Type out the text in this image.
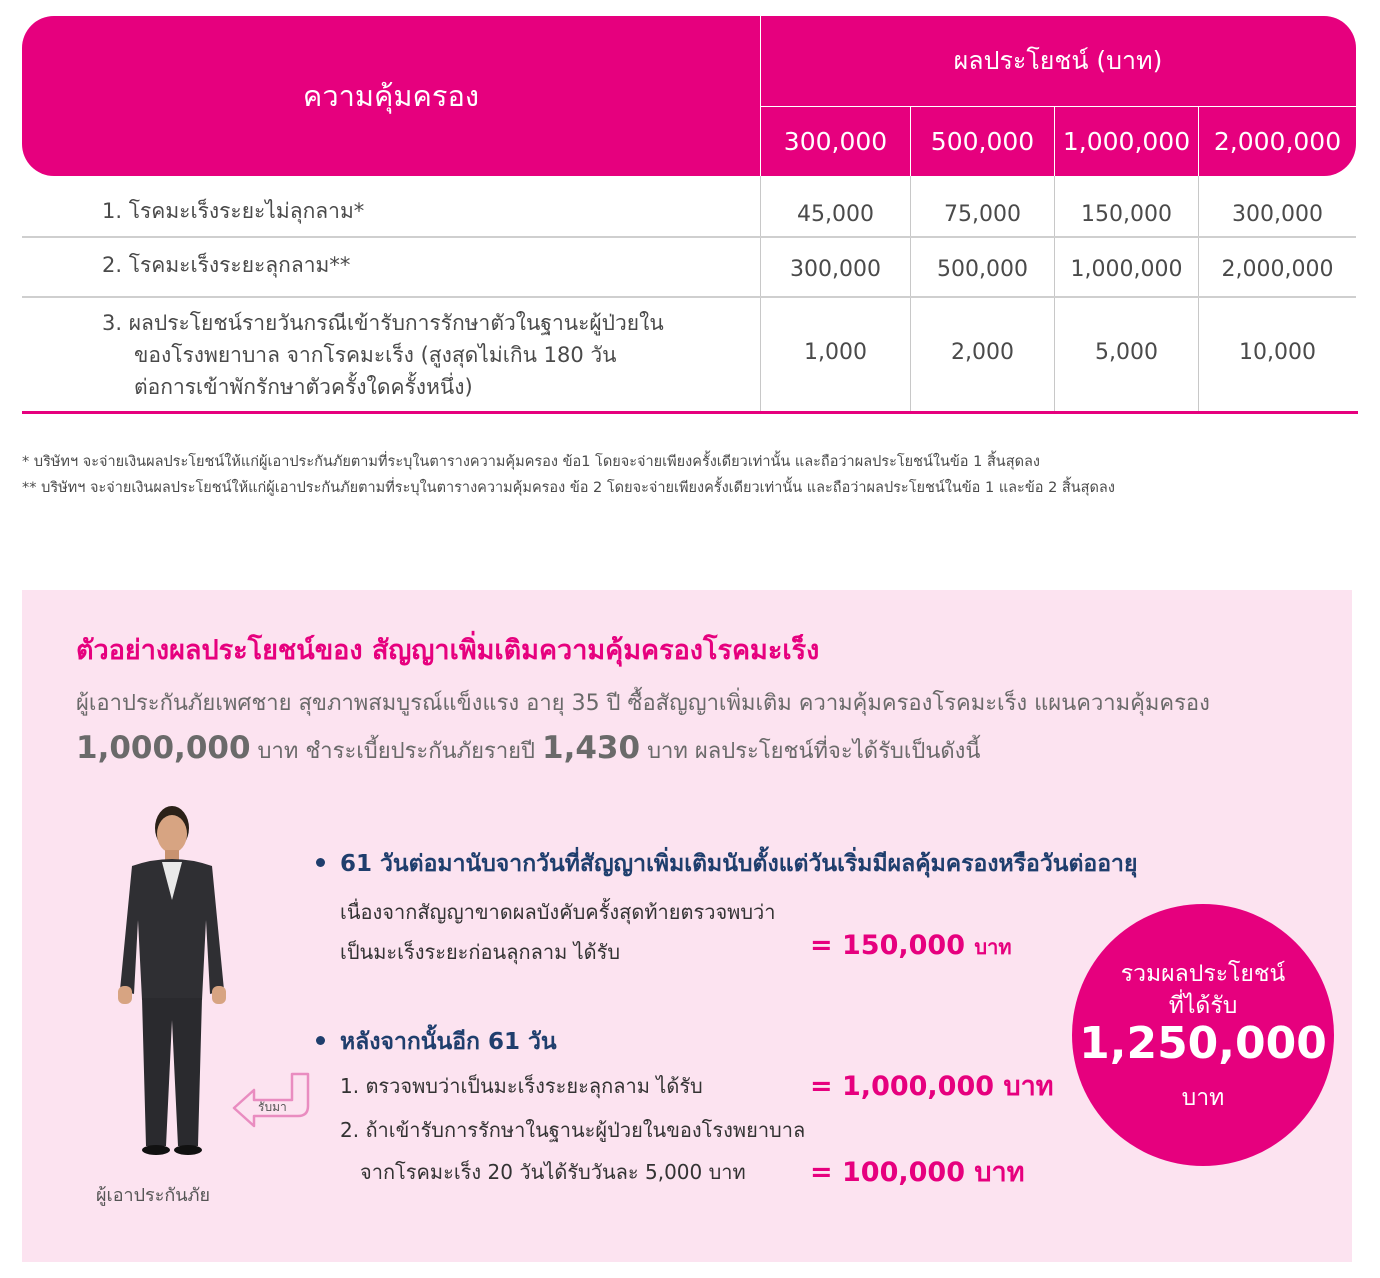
ความคุ้มครอง
ผลประโยชน์ (บาท)
300,000	500,000	1,000,000 2,000,000
1. โรคมะเร็งระยะไม่ลุกลาม*	45,000	75,000	150,000	300,000
2. โรคมะเร็งระยะลุกลาม**	300,000	500,000	1,000,000	2,000,000
3. ผลประโยชน์รายวันกรณีเข้ารับการรักษาตัวในฐานะผู้ป่วยใน
ของโรงพยาบาล จากโรคมะเร็ง (สูงสุดไม่เกิน 180 วัน
ต่อการเข้าพักรักษาตัวครั้งใดครั้งหนึ่ง)
1,000	2,000	5,000	10,000
* บริษัทฯ จะจ่ายเงินผลประโยชน์ให้แก่ผู้เอาประกันภัยตามที่ระบุในตารางความคุ้มครอง ข้อ1 โดยจะจ่ายเพียงครั้งเดียวเท่านั้น และถือว่าผลประโยชน์ในข้อ 1 สิ้นสุดลง
** บริษัทฯ จะจ่ายเงินผลประโยชน์ให้แก่ผู้เอาประกันภัยตามที่ระบุในตารางความคุ้มครอง ข้อ 2 โดยจะจ่ายเพียงครั้งเดียวเท่านั้น และถือว่าผลประโยชน์ในข้อ 1 และข้อ 2 สิ้นสุดลง
ตัวอย่างผลประโยชน์ของ สัญญาเพิ่มเติมความคุ้มครองโรคมะเร็ง
ผู้เอาประกันภัยเพศชาย สุขภาพสมบูรณ์แข็งแรง อายุ 35 ปี ซื้อสัญญาเพิ่มเติม ความคุ้มครองโรคมะเร็ง แผนความคุ้มครอง
1,000,000 บาท ชำระเบี้ยประกันภัยรายปี 1,430 บาท ผลประโยชน์ที่จะได้รับเป็นดังนี้
ผู้เอาประกันภัย
รับมา
61 วันต่อมานับจากวันที่สัญญาเพิ่มเติมนับตั้งแต่วันเริ่มมีผลคุ้มครองหรือวันต่ออายุ
เนื่องจากสัญญาขาดผลบังคับครั้งสุดท้ายตรวจพบว่า
เป็นมะเร็งระยะก่อนลุกลาม ได้รับ	= 150,000 บาท
หลังจากนั้นอีก 61 วัน
1. ตรวจพบว่าเป็นมะเร็งระยะลุกลาม ได้รับ	= 1,000,000 บาท
2. ถ้าเข้ารับการรักษาในฐานะผู้ป่วยในของโรงพยาบาล
จากโรคมะเร็ง 20 วันได้รับวันละ 5,000 บาท = 100,000 บาท
รวมผลประโยชน์
ที่ได้รับ
1,250,000
บาท
